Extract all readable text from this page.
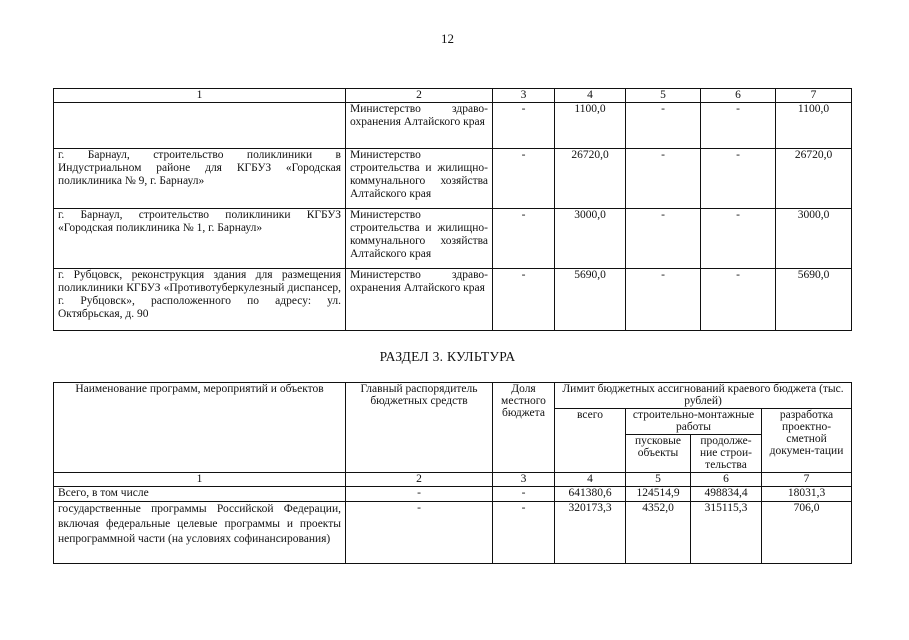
12
1	2	3	4	5	6	7
	Министерство здраво-охранения Алтайского края	-	1100,0	-	-	1100,0
г. Барнаул, строительство поликлиники в Индустриальном районе для КГБУЗ «Городская поликлиника № 9, г. Барнаул»	Министерство строительства и жилищно-коммунального хозяйства Алтайского края	-	26720,0	-	-	26720,0
г. Барнаул, строительство поликлиники КГБУЗ «Городская поликлиника № 1, г. Барнаул»	Министерство строительства и жилищно-коммунального хозяйства Алтайского края	-	3000,0	-	-	3000,0
г. Рубцовск, реконструкция здания для размещения поликлиники КГБУЗ «Противотуберкулезный диспансер, г. Рубцовск», расположенного по адресу: ул. Октябрьская, д. 90	Министерство здраво-охранения Алтайского края	-	5690,0	-	-	5690,0
РАЗДЕЛ 3. КУЛЬТУРА
Наименование программ, мероприятий и объектов	Главный распорядитель бюджетных средств	Доля местного бюджета	Лимит бюджетных ассигнований краевого бюджета (тыс. рублей)			
			всего	строительно-монтажные работы		разработка проектно-сметной докумен-тации
				пусковые объекты	продолже-ние строи-тельства	

1	2	3	4	5	6	7
Всего, в том числе	-	-	641380,6	124514,9	498834,4	18031,3
государственные программы Российской Федерации, включая федеральные целевые программы и проекты непрограммной части (на условиях софинансирования)	-	-	320173,3	4352,0	315115,3	706,0
